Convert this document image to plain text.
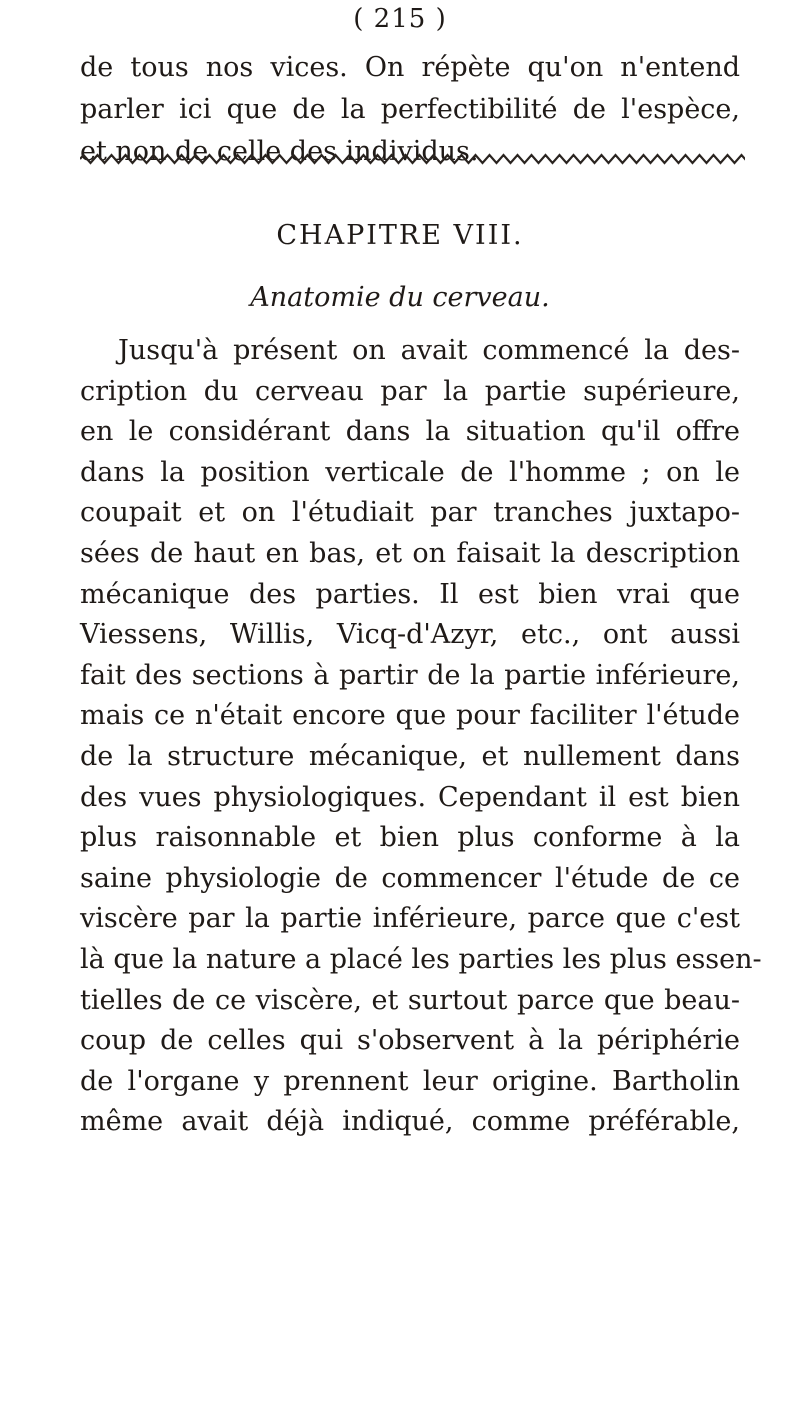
( 215 )
de tous nos vices. On répète qu'on n'entend
parler ici que de la perfectibilité de l'espèce,
et non de celle des individus.
CHAPITRE VIII.
Anatomie du cerveau.
Jusqu'à présent on avait commencé la des-
cription du cerveau par la partie supérieure,
en le considérant dans la situation qu'il offre
dans la position verticale de l'homme ; on le
coupait et on l'étudiait par tranches juxtapo-
sées de haut en bas, et on faisait la description
mécanique des parties. Il est bien vrai que
Viessens, Willis, Vicq-d'Azyr, etc., ont aussi
fait des sections à partir de la partie inférieure,
mais ce n'était encore que pour faciliter l'étude
de la structure mécanique, et nullement dans
des vues physiologiques. Cependant il est bien
plus raisonnable et bien plus conforme à la
saine physiologie de commencer l'étude de ce
viscère par la partie inférieure, parce que c'est
là que la nature a placé les parties les plus essen-
tielles de ce viscère, et surtout parce que beau-
coup de celles qui s'observent à la périphérie
de l'organe y prennent leur origine. Bartholin
même avait déjà indiqué, comme préférable,
